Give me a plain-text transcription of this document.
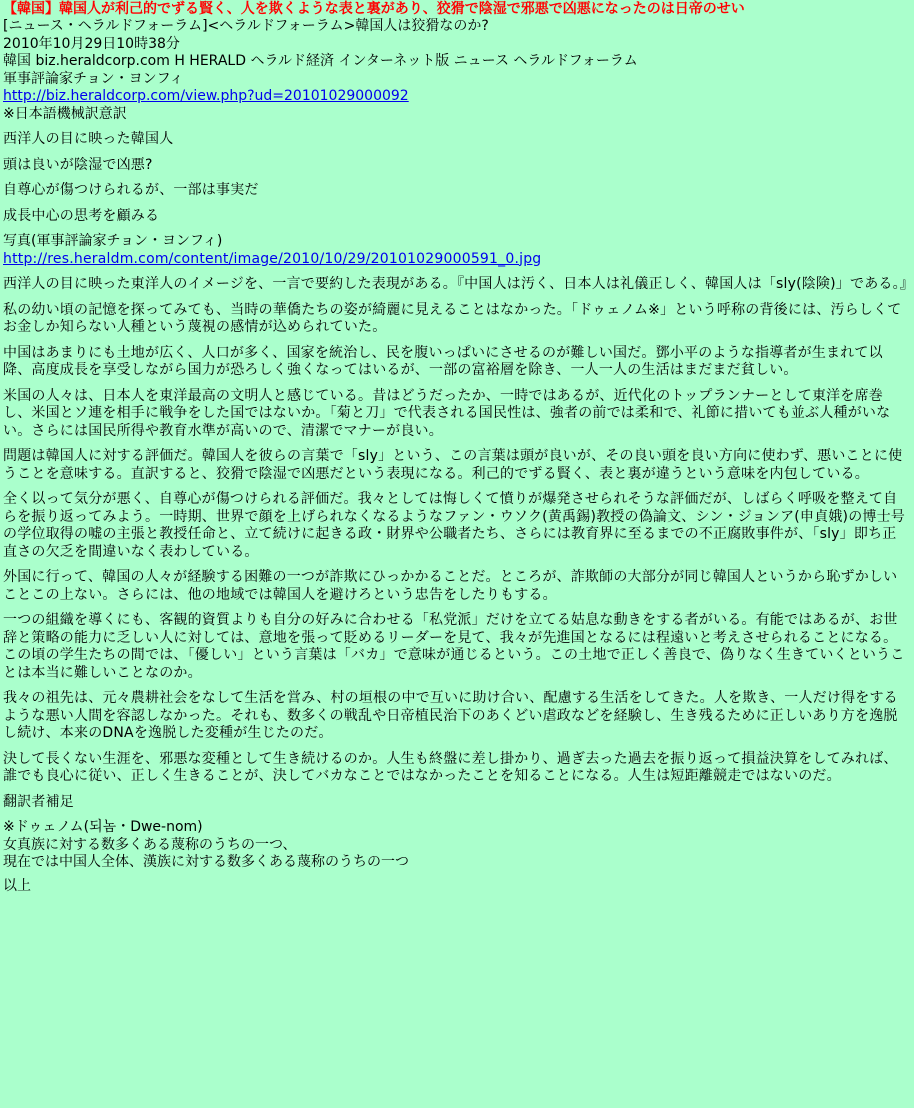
【韓国】韓国人が利己的でずる賢く、人を欺くような表と裏があり、狡猾で陰湿で邪悪で凶悪になったのは日帝のせい
[ニュース・ヘラルドフォーラム]<ヘラルドフォーラム>韓国人は狡猾なのか?
2010年10月29日10時38分
韓国 biz.heraldcorp.com H HERALD ヘラルド経済 インターネット版 ニュース ヘラルドフォーラム
軍事評論家チョン・ヨンフィ
http://biz.heraldcorp.com/view.php?ud=20101029000092
※日本語機械訳意訳

西洋人の目に映った韓国人

頭は良いが陰湿で凶悪?

自尊心が傷つけられるが、一部は事実だ

成長中心の思考を顧みる

写真(軍事評論家チョン・ヨンフィ)

http://res.heraldm.com/content/image/2010/10/29/20101029000591_0.jpg

西洋人の目に映った東洋人のイメージを、一言で要約した表現がある。『中国人は汚く、日本人は礼儀正しく、韓国人は「sly(陰険)」である。』

私の幼い頃の記憶を探ってみても、当時の華僑たちの姿が綺麗に見えることはなかった。「ドゥェノム※」という呼称の背後には、汚らしくてお金しか知らない人種という蔑視の感情が込められていた。

中国はあまりにも土地が広く、人口が多く、国家を統治し、民を腹いっぱいにさせるのが難しい国だ。鄧小平のような指導者が生まれて以降、高度成長を享受しながら国力が恐ろしく強くなってはいるが、一部の富裕層を除き、一人一人の生活はまだまだ貧しい。

米国の人々は、日本人を東洋最高の文明人と感じている。昔はどうだったか、一時ではあるが、近代化のトップランナーとして東洋を席巻し、米国とソ連を相手に戦争をした国ではないか。「菊と刀」で代表される国民性は、強者の前では柔和で、礼節に措いても並ぶ人種がいない。さらには国民所得や教育水準が高いので、清潔でマナーが良い。

問題は韓国人に対する評価だ。韓国人を彼らの言葉で「sly」という、この言葉は頭が良いが、その良い頭を良い方向に使わず、悪いことに使うことを意味する。直訳すると、狡猾で陰湿で凶悪だという表現になる。利己的でずる賢く、表と裏が違うという意味を内包している。

全く以って気分が悪く、自尊心が傷つけられる評価だ。我々としては悔しくて憤りが爆発させられそうな評価だが、しばらく呼吸を整えて自らを振り返ってみよう。一時期、世界で顔を上げられなくなるようなファン・ウソク(黄禹錫)教授の偽論文、シン・ジョンア(申貞娥)の博士号の学位取得の嘘の主張と教授任命と、立て続けに起きる政・財界や公職者たち、さらには教育界に至るまでの不正腐敗事件が、「sly」即ち正直さの欠乏を間違いなく表わしている。

外国に行って、韓国の人々が経験する困難の一つが詐欺にひっかかることだ。ところが、詐欺師の大部分が同じ韓国人というから恥ずかしいことこの上ない。さらには、他の地域では韓国人を避けろという忠告をしたりもする。

一つの組織を導くにも、客観的資質よりも自分の好みに合わせる「私党派」だけを立てる姑息な動きをする者がいる。有能ではあるが、お世辞と策略の能力に乏しい人に対しては、意地を張って貶めるリーダーを見て、我々が先進国となるには程遠いと考えさせられることになる。この頃の学生たちの間では、「優しい」という言葉は「バカ」で意味が通じるという。この土地で正しく善良で、偽りなく生きていくということは本当に難しいことなのか。

我々の祖先は、元々農耕社会をなして生活を営み、村の垣根の中で互いに助け合い、配慮する生活をしてきた。人を欺き、一人だけ得をするような悪い人間を容認しなかった。それも、数多くの戦乱や日帝植民治下のあくどい虐政などを経験し、生き残るために正しいあり方を逸脱し続け、本来のDNAを逸脱した変種が生じたのだ。

決して長くない生涯を、邪悪な変種として生き続けるのか。人生も終盤に差し掛かり、過ぎ去った過去を振り返って損益決算をしてみれば、誰でも良心に従い、正しく生きることが、決してバカなことではなかったことを知ることになる。人生は短距離競走ではないのだ。

翻訳者補足

※ドゥェノム(되놈・Dwe-nom)
女真族に対する数多くある蔑称のうちの一つ、
現在では中国人全体、漢族に対する数多くある蔑称のうちの一つ
以上
